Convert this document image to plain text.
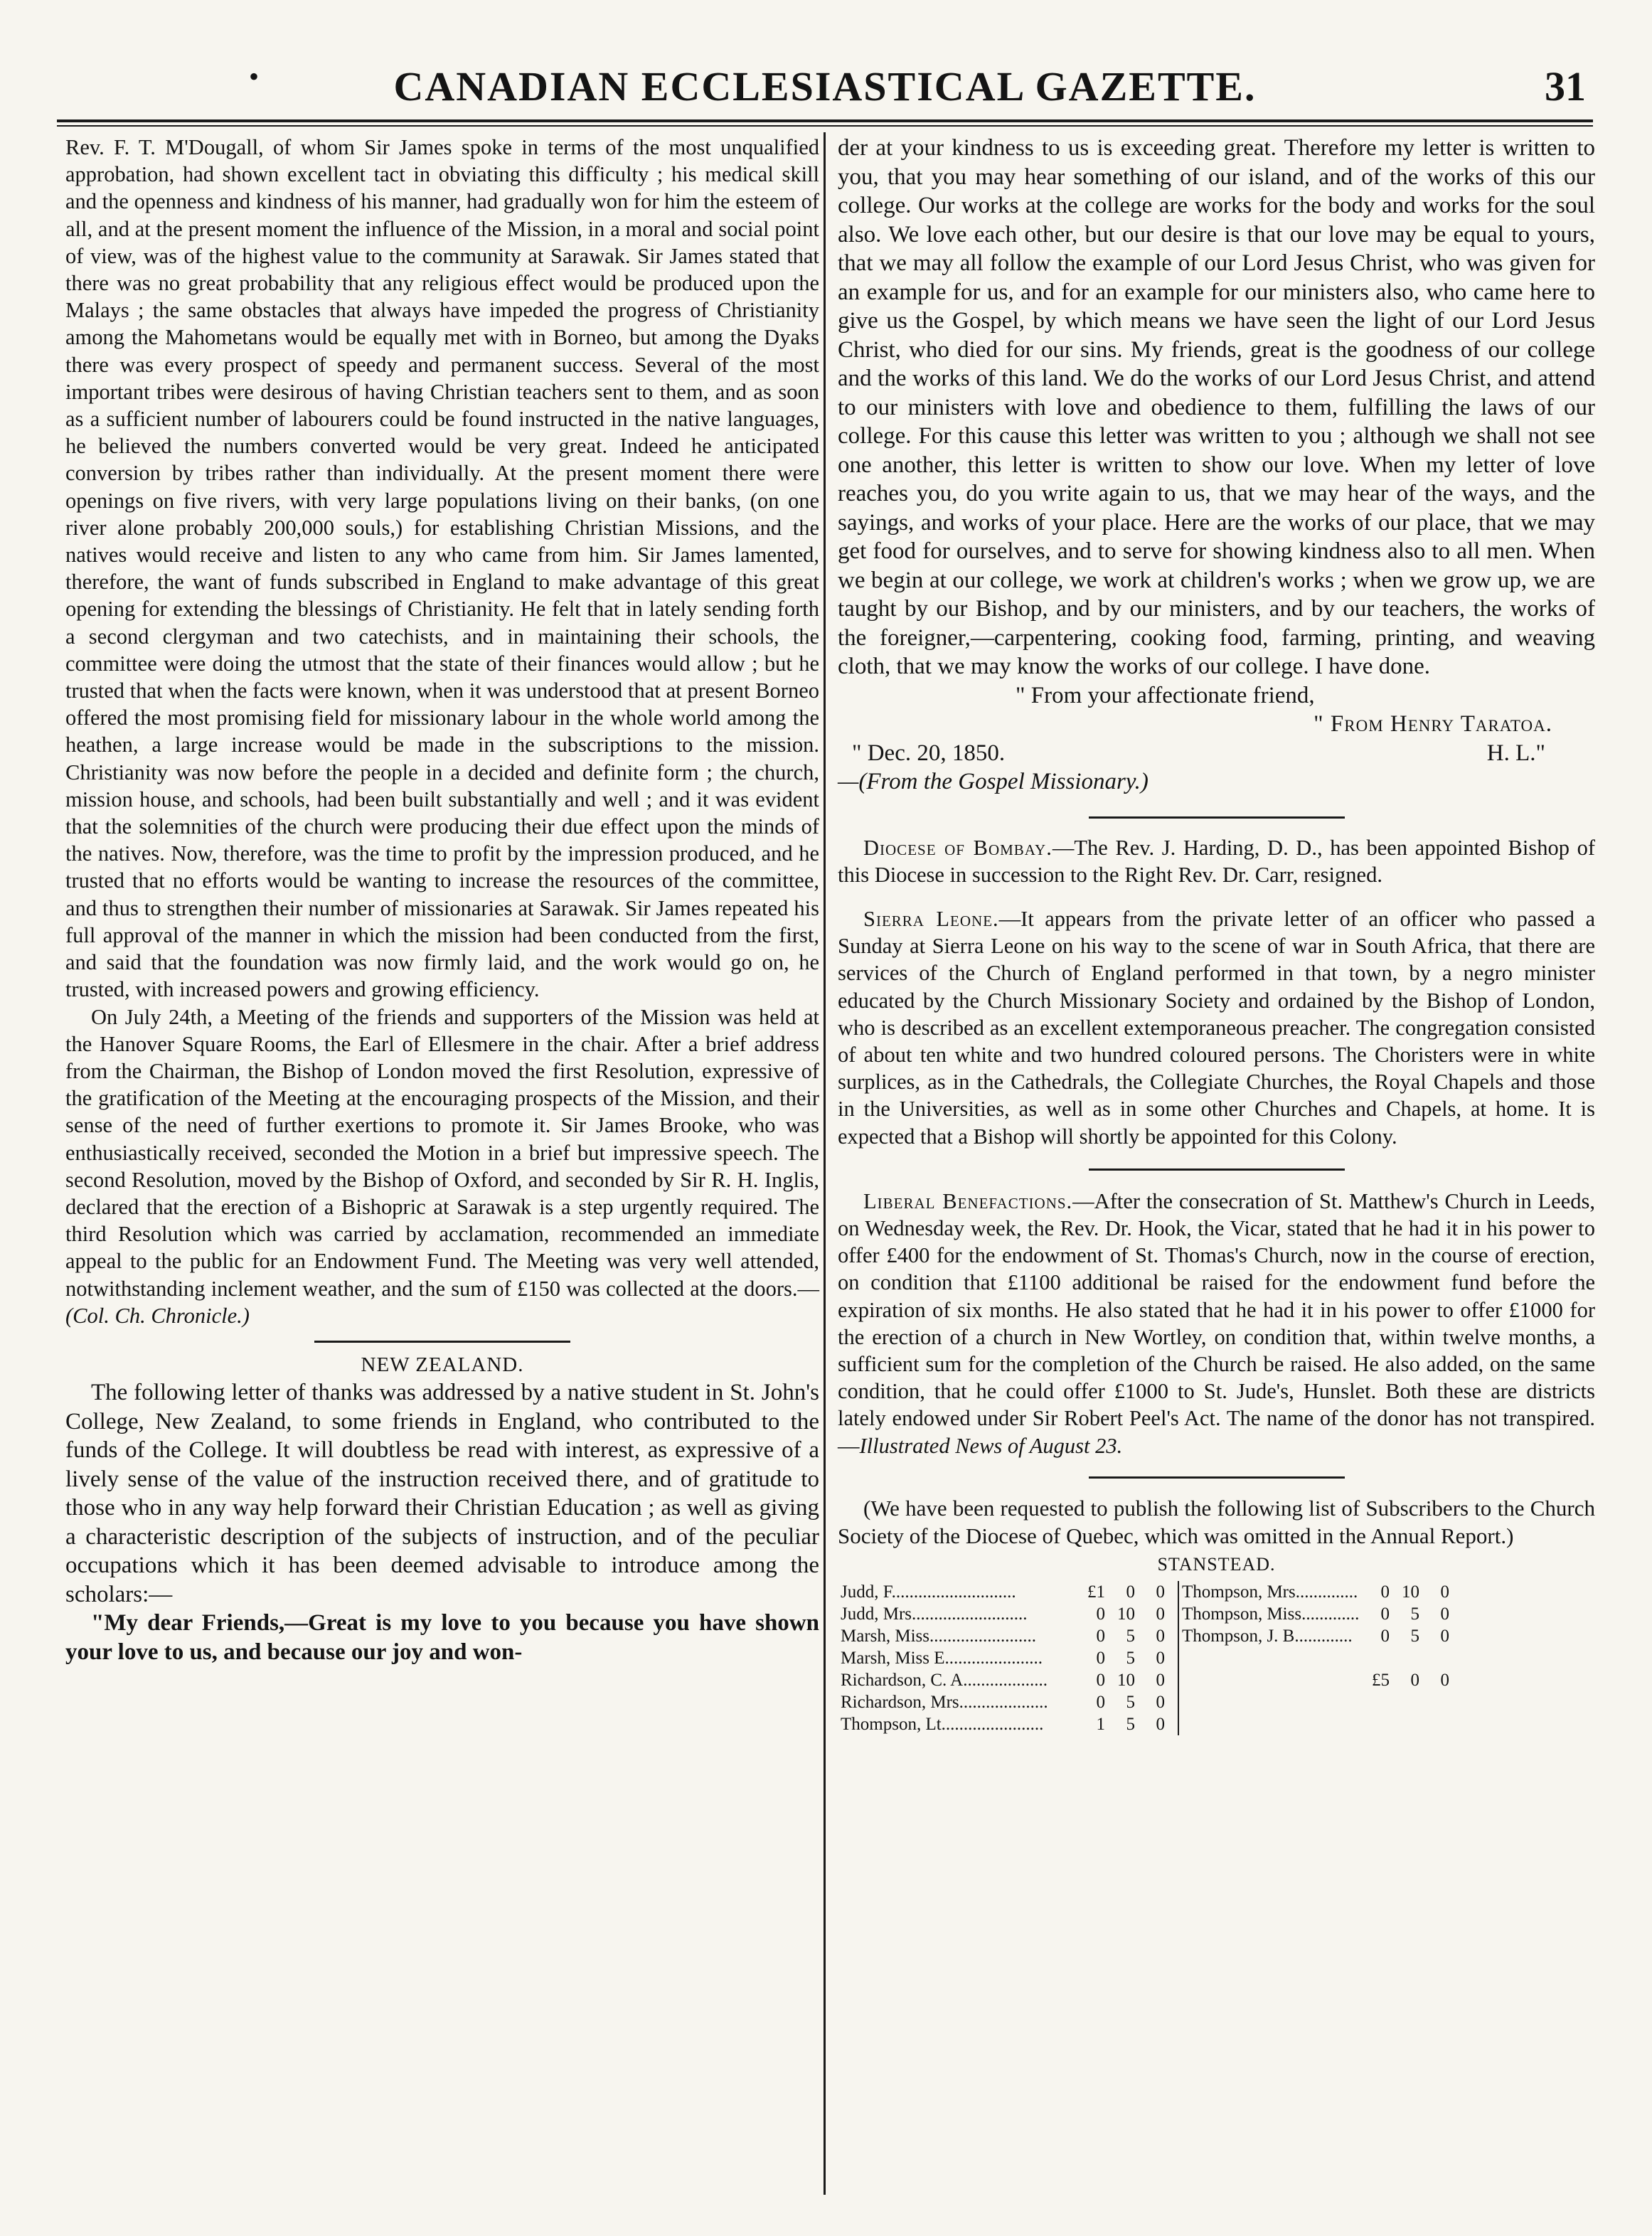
•	CANADIAN ECCLESIASTICAL GAZETTE.	31

Rev. F. T. M'Dougall, of whom Sir James spoke in terms of the most unqualified approbation, had shown excellent tact in obviating this difficulty ; his medical skill and the openness and kindness of his manner, had gradually won for him the esteem of all, and at the present moment the influence of the Mission, in a moral and social point of view, was of the highest value to the community at Sarawak. Sir James stated that there was no great probability that any religious effect would be produced upon the Malays ; the same obstacles that always have impeded the progress of Christianity among the Mahometans would be equally met with in Borneo, but among the Dyaks there was every prospect of speedy and permanent success. Several of the most important tribes were desirous of having Christian teachers sent to them, and as soon as a sufficient number of labourers could be found instructed in the native languages, he believed the numbers converted would be very great. Indeed he anticipated conversion by tribes rather than individually. At the present moment there were openings on five rivers, with very large populations living on their banks, (on one river alone probably 200,000 souls,) for establishing Christian Missions, and the natives would receive and listen to any who came from him. Sir James lamented, therefore, the want of funds subscribed in England to make advantage of this great opening for extending the blessings of Christianity. He felt that in lately sending forth a second clergyman and two catechists, and in maintaining their schools, the committee were doing the utmost that the state of their finances would allow ; but he trusted that when the facts were known, when it was understood that at present Borneo offered the most promising field for missionary labour in the whole world among the heathen, a large increase would be made in the subscriptions to the mission. Christianity was now before the people in a decided and definite form ; the church, mission house, and schools, had been built substantially and well ; and it was evident that the solemnities of the church were producing their due effect upon the minds of the natives. Now, therefore, was the time to profit by the impression produced, and he trusted that no efforts would be wanting to increase the resources of the committee, and thus to strengthen their number of missionaries at Sarawak. Sir James repeated his full approval of the manner in which the mission had been conducted from the first, and said that the foundation was now firmly laid, and the work would go on, he trusted, with increased powers and growing efficiency.

On July 24th, a Meeting of the friends and supporters of the Mission was held at the Hanover Square Rooms, the Earl of Ellesmere in the chair. After a brief address from the Chairman, the Bishop of London moved the first Resolution, expressive of the gratification of the Meeting at the encouraging prospects of the Mission, and their sense of the need of further exertions to promote it. Sir James Brooke, who was enthusiastically received, seconded the Motion in a brief but impressive speech. The second Resolution, moved by the Bishop of Oxford, and seconded by Sir R. H. Inglis, declared that the erection of a Bishopric at Sarawak is a step urgently required. The third Resolution which was carried by acclamation, recommended an immediate appeal to the public for an Endowment Fund. The Meeting was very well attended, notwithstanding inclement weather, and the sum of £150 was collected at the doors.—(Col. Ch. Chronicle.)

NEW ZEALAND.

The following letter of thanks was addressed by a native student in St. John's College, New Zealand, to some friends in England, who contributed to the funds of the College. It will doubtless be read with interest, as expressive of a lively sense of the value of the instruction received there, and of gratitude to those who in any way help forward their Christian Education ; as well as giving a characteristic description of the subjects of instruction, and of the peculiar occupations which it has been deemed advisable to introduce among the scholars:—

"My dear Friends,—Great is my love to you because you have shown your love to us, and because our joy and won-

der at your kindness to us is exceeding great. Therefore my letter is written to you, that you may hear something of our island, and of the works of this our college. Our works at the college are works for the body and works for the soul also. We love each other, but our desire is that our love may be equal to yours, that we may all follow the example of our Lord Jesus Christ, who was given for an example for us, and for an example for our ministers also, who came here to give us the Gospel, by which means we have seen the light of our Lord Jesus Christ, who died for our sins. My friends, great is the goodness of our college and the works of this land. We do the works of our Lord Jesus Christ, and attend to our ministers with love and obedience to them, fulfilling the laws of our college. For this cause this letter was written to you ; although we shall not see one another, this letter is written to show our love. When my letter of love reaches you, do you write again to us, that we may hear of the ways, and the sayings, and works of your place. Here are the works of our place, that we may get food for ourselves, and to serve for showing kindness also to all men. When we begin at our college, we work at children's works ; when we grow up, we are taught by our Bishop, and by our ministers, and by our teachers, the works of the foreigner,—carpentering, cooking food, farming, printing, and weaving cloth, that we may know the works of our college. I have done.

" From your affectionate friend,

" From Henry Taratoa.

" Dec. 20, 1850.	H. L."

—(From the Gospel Missionary.)

Diocese of Bombay.—The Rev. J. Harding, D. D., has been appointed Bishop of this Diocese in succession to the Right Rev. Dr. Carr, resigned.

Sierra Leone.—It appears from the private letter of an officer who passed a Sunday at Sierra Leone on his way to the scene of war in South Africa, that there are services of the Church of England performed in that town, by a negro minister educated by the Church Missionary Society and ordained by the Bishop of London, who is described as an excellent extemporaneous preacher. The congregation consisted of about ten white and two hundred coloured persons. The Choristers were in white surplices, as in the Cathedrals, the Collegiate Churches, the Royal Chapels and those in the Universities, as well as in some other Churches and Chapels, at home. It is expected that a Bishop will shortly be appointed for this Colony.

Liberal Benefactions.—After the consecration of St. Matthew's Church in Leeds, on Wednesday week, the Rev. Dr. Hook, the Vicar, stated that he had it in his power to offer £400 for the endowment of St. Thomas's Church, now in the course of erection, on condition that £1100 additional be raised for the endowment fund before the expiration of six months. He also stated that he had it in his power to offer £1000 for the erection of a church in New Wortley, on condition that, within twelve months, a sufficient sum for the completion of the Church be raised. He also added, on the same condition, that he could offer £1000 to St. Jude's, Hunslet. Both these are districts lately endowed under Sir Robert Peel's Act. The name of the donor has not transpired.—Illustrated News of August 23.

(We have been requested to publish the following list of Subscribers to the Church Society of the Diocese of Quebec, which was omitted in the Annual Report.)

STANSTEAD.
Judd, F............................	£1	0	0		Thompson, Mrs..............	0	10	0
Judd, Mrs..........................	0	10	0		Thompson, Miss.............	0	5	0
Marsh, Miss........................	0	5	0		Thompson, J. B.............	0	5	0
Marsh, Miss E......................	0	5	0					
Richardson, C. A...................	0	10	0			£5	0	0
Richardson, Mrs....................	0	5	0					
Thompson, Lt.......................	1	5	0					
